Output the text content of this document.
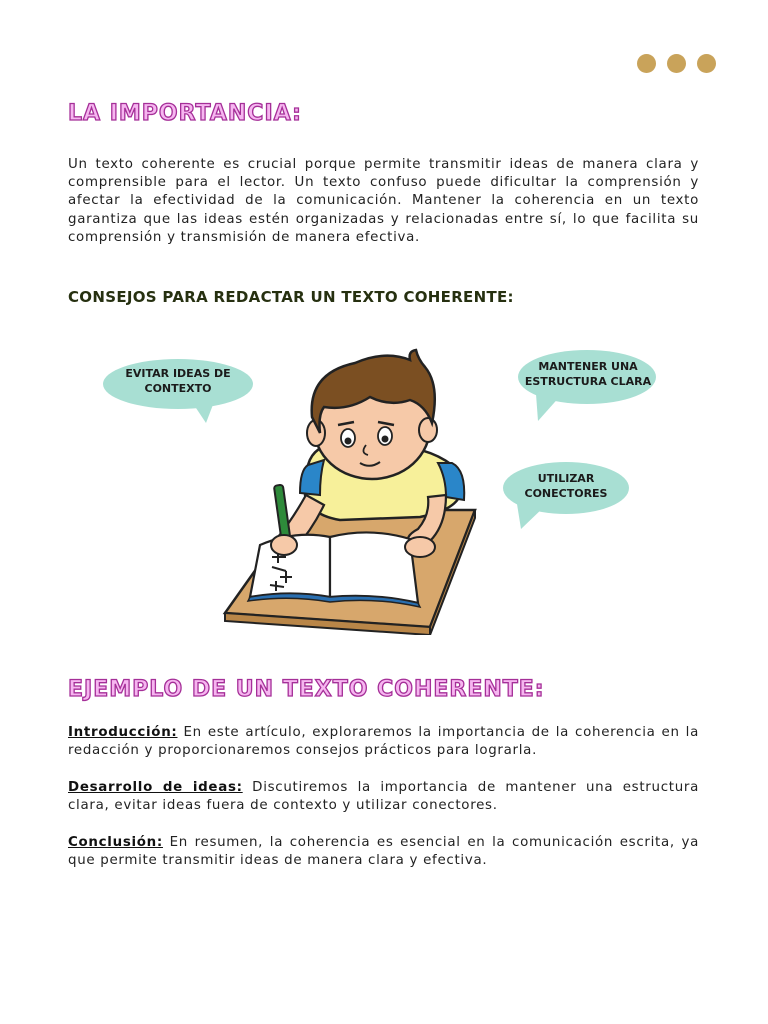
LA IMPORTANCIA:

Un texto coherente es crucial porque permite transmitir ideas de manera clara y comprensible para el lector. Un texto confuso puede dificultar la comprensión y afectar la efectividad de la comunicación. Mantener la coherencia en un texto garantiza que las ideas estén organizadas y relacionadas entre sí, lo que facilita su comprensión y transmisión de manera efectiva.

CONSEJOS PARA REDACTAR UN TEXTO COHERENTE:
EVITAR IDEAS DE
CONTEXTO
MANTENER UNA
ESTRUCTURA CLARA
UTILIZAR
CONECTORES
EJEMPLO DE UN TEXTO COHERENTE:

Introducción: En este artículo, exploraremos la importancia de la coherencia en la redacción y proporcionaremos consejos prácticos para lograrla.

Desarrollo de ideas: Discutiremos la importancia de mantener una estructura clara, evitar ideas fuera de contexto y utilizar conectores.

Conclusión: En resumen, la coherencia es esencial en la comunicación escrita, ya que permite transmitir ideas de manera clara y efectiva.
